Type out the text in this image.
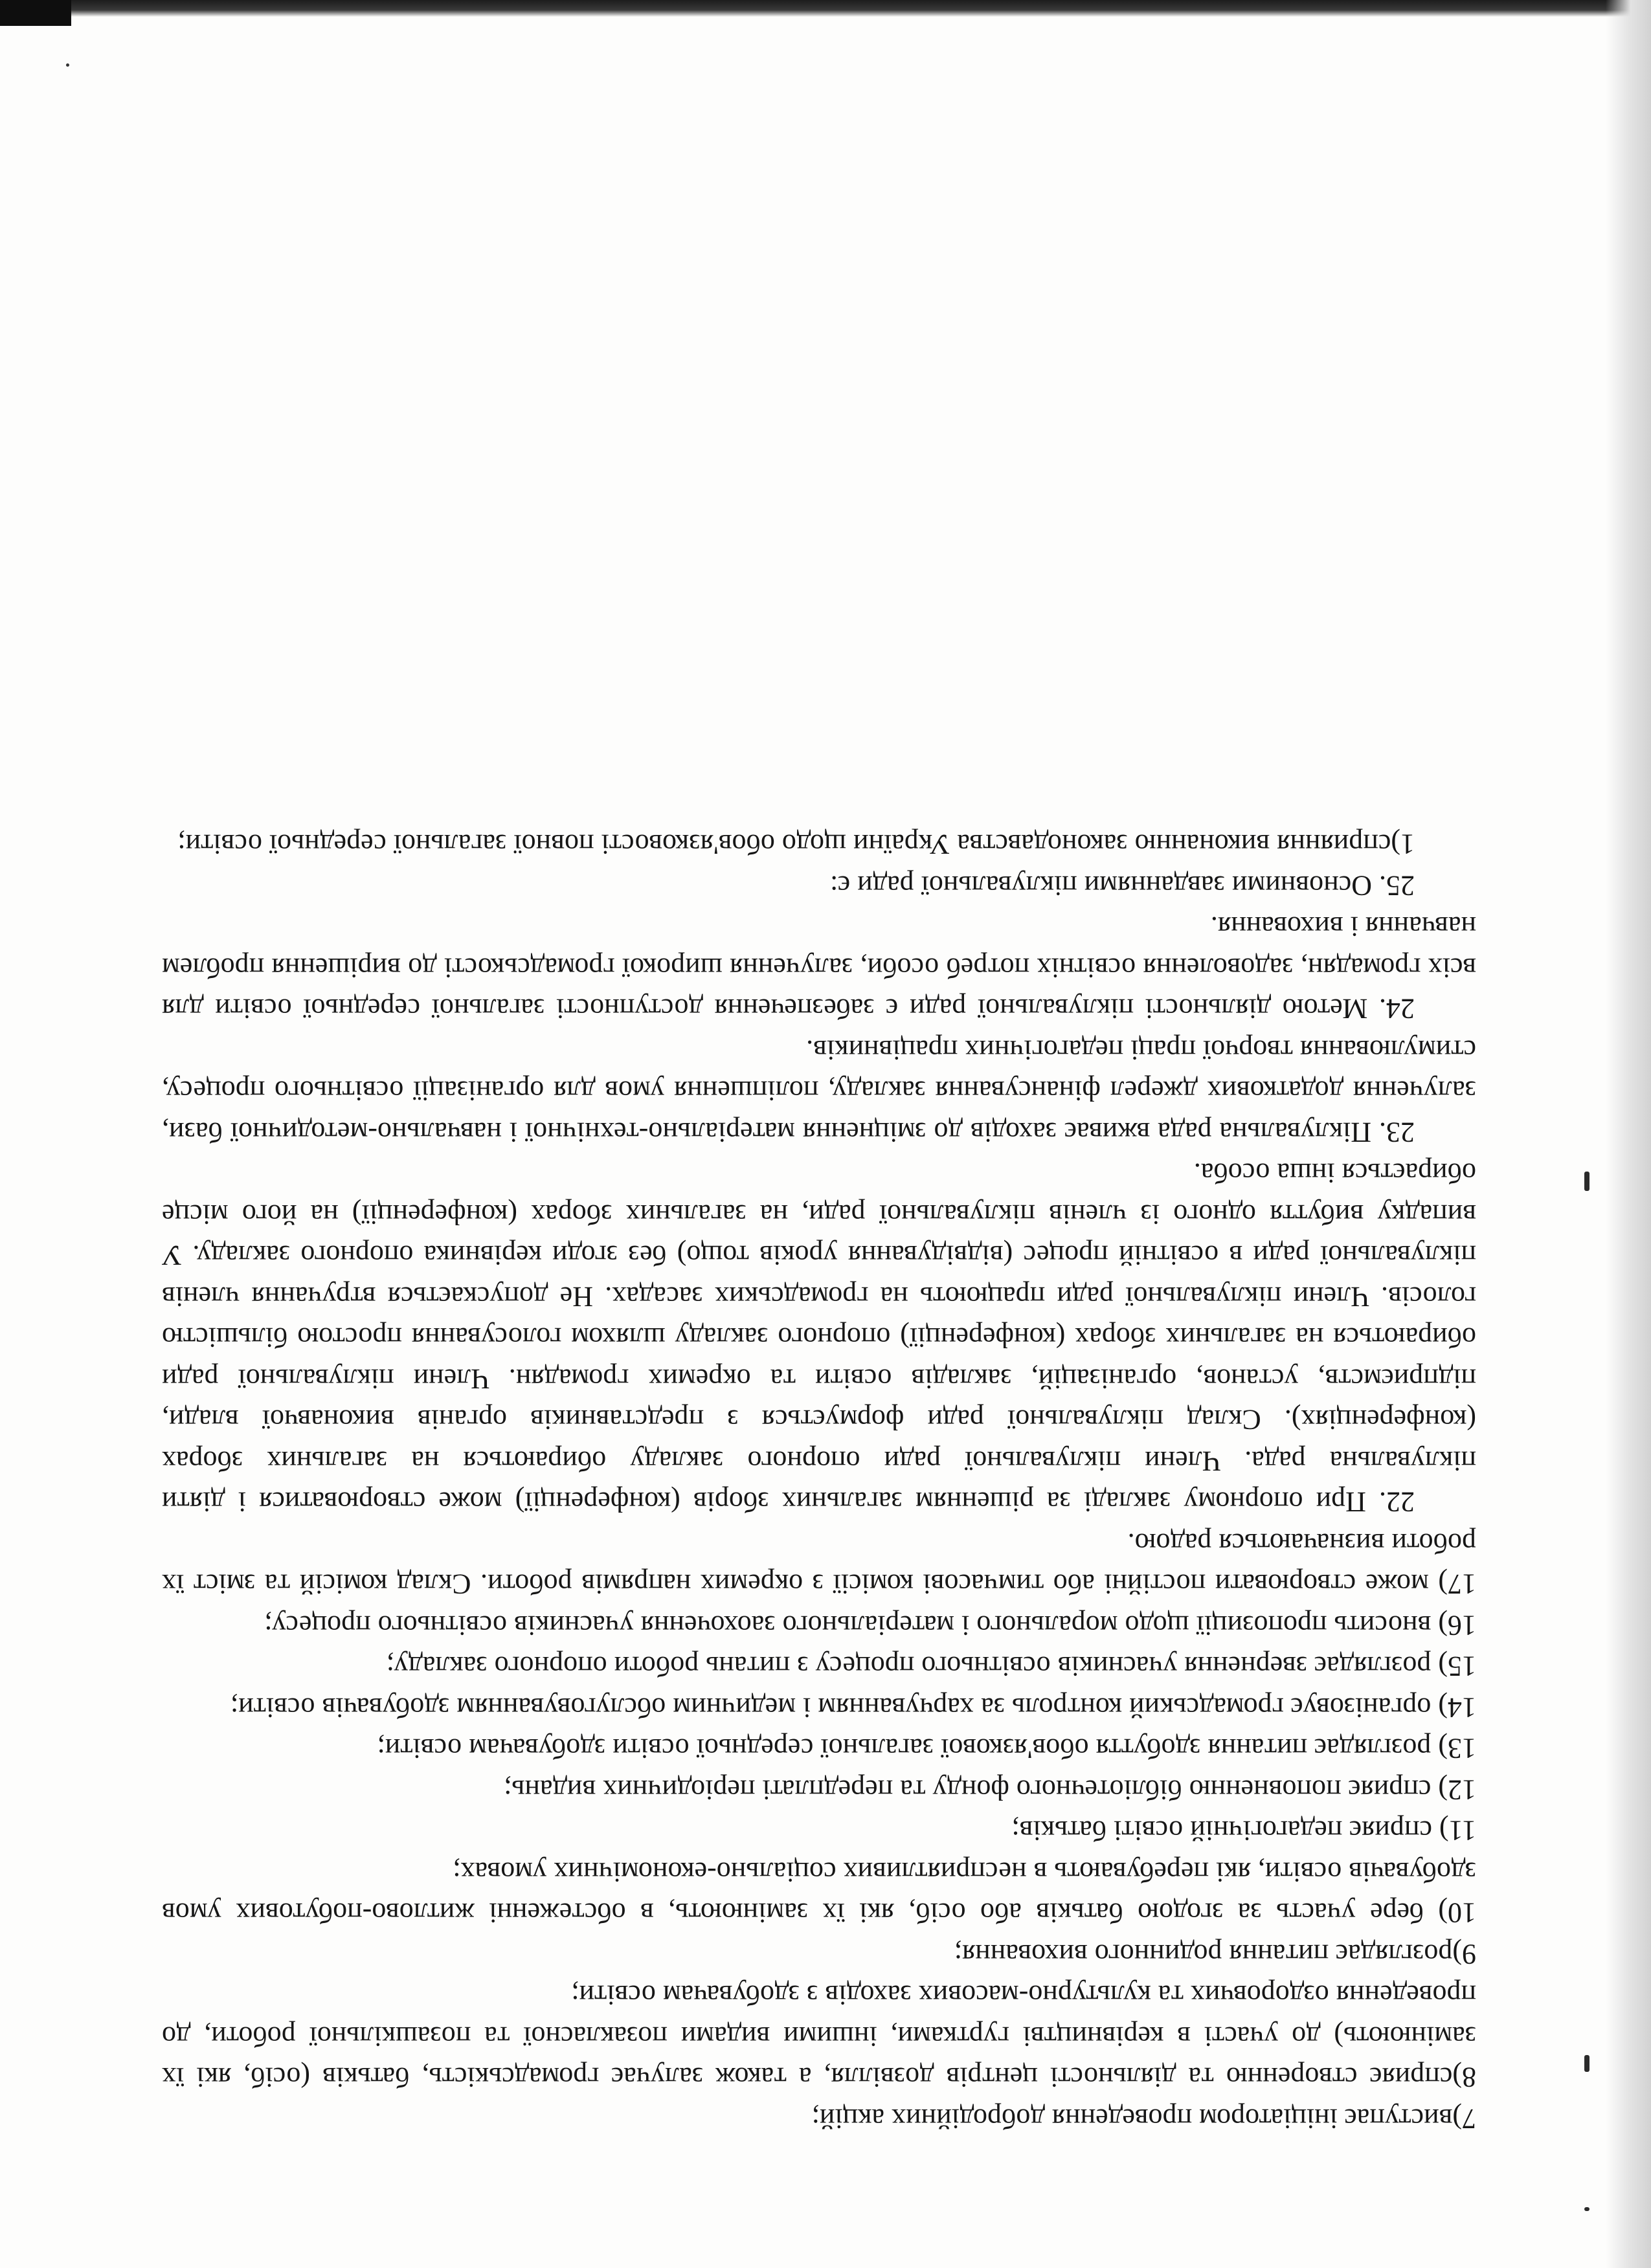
7)виступає ініціатором проведення добродійних акцій;

8)сприяє створенню та діяльності центрів дозвілля, а також залучає громадськість, батьків (осіб, які їх замінюють) до участі в керівництві гуртками, іншими видами позакласної та позашкільної роботи, до проведення оздоровчих та культурно-масових заходів з здобувачам освіти;

9)розглядає питання родинного виховання;

10) бере участь за згодою батьків або осіб, які їх замінюють, в обстеженні житлово-побутових умов здобувачів освіти, які перебувають в несприятливих соціально-економічних умовах;

11) сприяє педагогічній освіті батьків;

12) сприяє поповненню бібліотечного фонду та передплаті періодичних видань;

13) розглядає питання здобуття обов'язкової загальної середньої освіти здобувачам освіти;

14) організовує громадський контроль за харчуванням і медичним обслуговуванням здобувачів освіти;

15) розглядає звернення учасників освітнього процесу з питань роботи опорного закладу;

16) вносить пропозиції щодо морального і матеріального заохочення учасників освітнього процесу;

17) може створювати постійні або тимчасові комісії з окремих напрямів роботи. Склад комісій та зміст їх роботи визначаються радою.

22. При опорному закладі за рішенням загальних зборів (конференції) може створюватися і діяти піклувальна рада. Члени піклувальної ради опорного закладу обираються на загальних зборах (конференціях). Склад піклувальної ради формується з представників органів виконавчої влади, підприємств, установ, організацій, закладів освіти та окремих громадян. Члени піклувальної ради обираються на загальних зборах (конференції) опорного закладу шляхом голосування простою більшістю голосів. Члени піклувальної ради працюють на громадських засадах. Не допускається втручання членів піклувальної ради в освітній процес (відвідування уроків тощо) без згоди керівника опорного закладу. У випадку вибуття одного із членів піклувальної ради, на загальних зборах (конференції) на його місце обирається інша особа.

23. Піклувальна рада вживає заходів до зміцнення матеріально-технічної і навчально-методичної бази, залучення додаткових джерел фінансування закладу, поліпшення умов для організації освітнього процесу, стимулювання творчої праці педагогічних працівників.

24. Метою діяльності піклувальної ради є забезпечення доступності загальної середньої освіти для всіх громадян, задоволення освітніх потреб особи, залучення широкої громадськості до вирішення проблем навчання і виховання.

25. Основними завданнями піклувальної ради є:

1)сприяння виконанню законодавства України щодо обов'язковості повної загальної середньої освіти;
